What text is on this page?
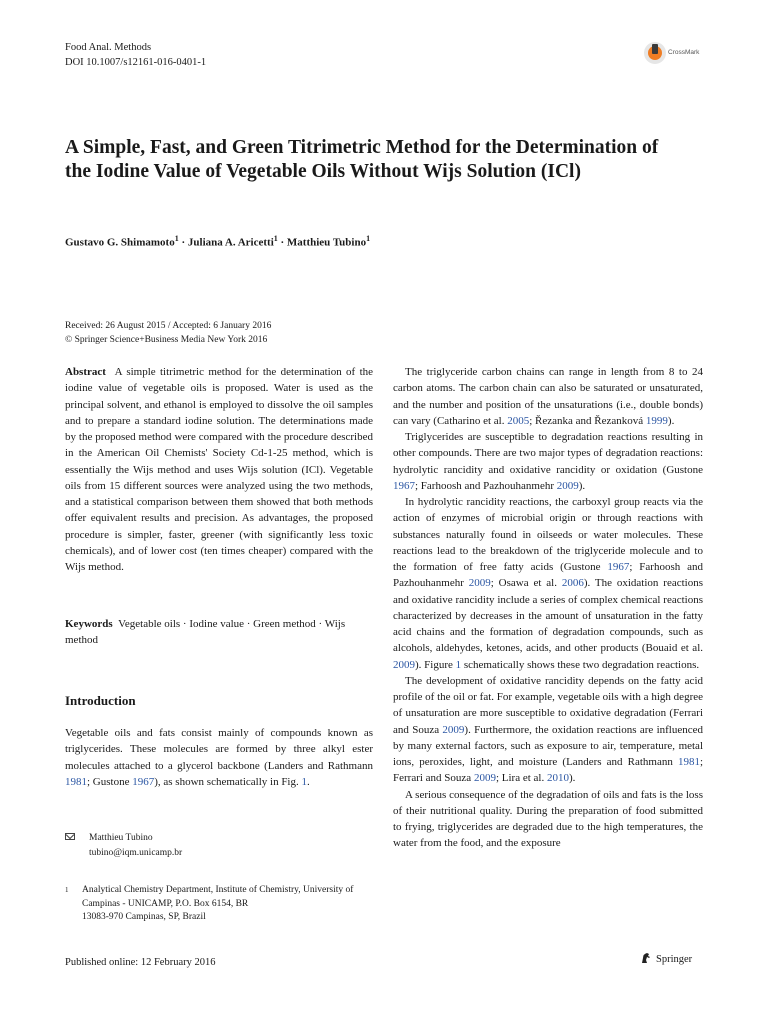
Food Anal. Methods
DOI 10.1007/s12161-016-0401-1
CrossMark
A Simple, Fast, and Green Titrimetric Method for the Determination of the Iodine Value of Vegetable Oils Without Wijs Solution (ICl)
Gustavo G. Shimamoto$^1$ · Juliana A. Aricetti$^1$ · Matthieu Tubino$^1$
Received: 26 August 2015 / Accepted: 6 January 2016
© Springer Science+Business Media New York 2016

Abstract A simple titrimetric method for the determination of the iodine value of vegetable oils is proposed. Water is used as the principal solvent, and ethanol is employed to dissolve the oil samples and to prepare a standard iodine solution. The determinations made by the proposed method were compared with the procedure described in the American Oil Chemists' Society Cd-1-25 method, which is essentially the Wijs method and uses Wijs solution (ICl). Vegetable oils from 15 different sources were analyzed using the two methods, and a statistical comparison between them showed that both methods offer equivalent results and precision. As advantages, the proposed procedure is simpler, faster, greener (with significantly less toxic chemicals), and of lower cost (ten times cheaper) compared with the Wijs method.

Keywords Vegetable oils · Iodine value · Green method · Wijs method

Introduction

Vegetable oils and fats consist mainly of compounds known as triglycerides. These molecules are formed by three alkyl ester molecules attached to a glycerol backbone (Landers and Rathmann 1981; Gustone 1967), as shown schematically in Fig. 1.

Matthieu Tubino
tubino@iqm.unicamp.br
1 Analytical Chemistry Department, Institute of Chemistry, University of Campinas - UNICAMP, P.O. Box 6154, BR
13083-970 Campinas, SP, Brazil

The triglyceride carbon chains can range in length from 8 to 24 carbon atoms. The carbon chain can also be saturated or unsaturated, and the number and position of the unsaturations (i.e., double bonds) can vary (Catharino et al. 2005; Řezanka and Řezanková 1999).

Triglycerides are susceptible to degradation reactions resulting in other compounds. There are two major types of degradation reactions: hydrolytic rancidity and oxidative rancidity or oxidation (Gustone 1967; Farhoosh and Pazhouhanmehr 2009).

In hydrolytic rancidity reactions, the carboxyl group reacts via the action of enzymes of microbial origin or through reactions with substances naturally found in oilseeds or water molecules. These reactions lead to the breakdown of the triglyceride molecule and to the formation of free fatty acids (Gustone 1967; Farhoosh and Pazhouhanmehr 2009; Osawa et al. 2006). The oxidation reactions and oxidative rancidity include a series of complex chemical reactions characterized by decreases in the amount of unsaturation in the fatty acid chains and the formation of degradation compounds, such as alcohols, aldehydes, ketones, acids, and other products (Bouaid et al. 2009). Figure 1 schematically shows these two degradation reactions.

The development of oxidative rancidity depends on the fatty acid profile of the oil or fat. For example, vegetable oils with a high degree of unsaturation are more susceptible to oxidative degradation (Ferrari and Souza 2009). Furthermore, the oxidation reactions are influenced by many external factors, such as exposure to air, temperature, metal ions, peroxides, light, and moisture (Landers and Rathmann 1981; Ferrari and Souza 2009; Lira et al. 2010).

A serious consequence of the degradation of oils and fats is the loss of their nutritional quality. During the preparation of food submitted to frying, triglycerides are degraded due to the high temperatures, the water from the food, and the exposure

Published online: 12 February 2016	Springer
